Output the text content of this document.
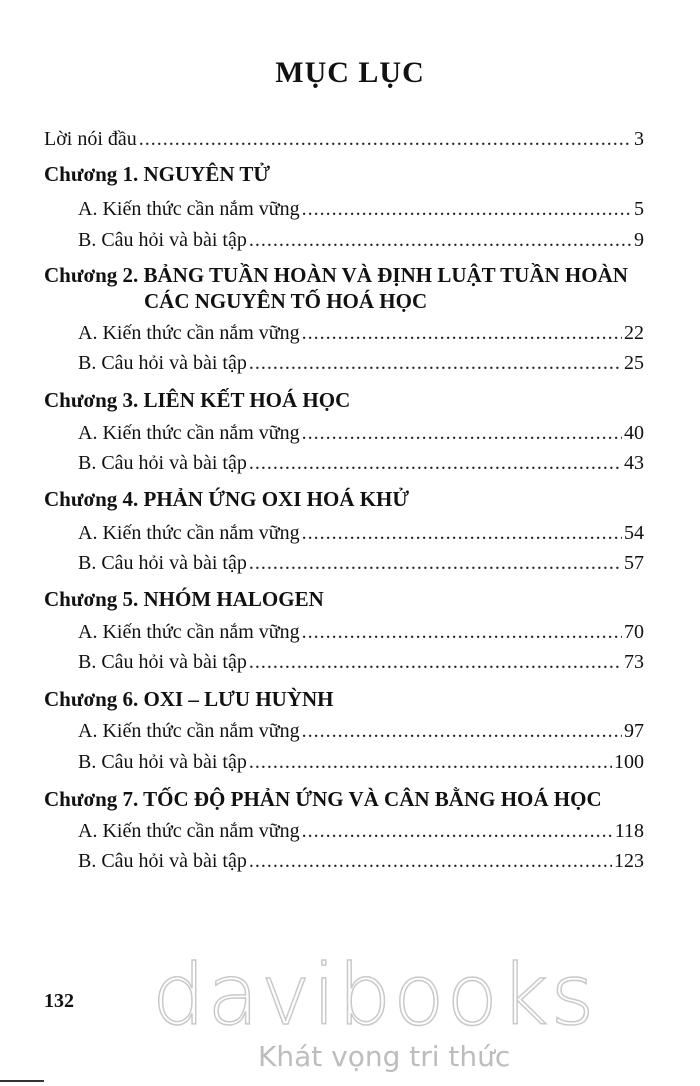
MỤC LỤC
Lời nói đầu .....	3
Chương 1. NGUYÊN TỬ
A. Kiến thức cần nắm vững .....	5
B. Câu hỏi và bài tập .....	9
Chương 2. BẢNG TUẦN HOÀN VÀ ĐỊNH LUẬT TUẦN HOÀN
CÁC NGUYÊN TỐ HOÁ HỌC
A. Kiến thức cần nắm vững .....	22
B. Câu hỏi và bài tập .....	25
Chương 3. LIÊN KẾT HOÁ HỌC
A. Kiến thức cần nắm vững .....	40
B. Câu hỏi và bài tập .....	43
Chương 4. PHẢN ỨNG OXI HOÁ KHỬ
A. Kiến thức cần nắm vững .....	54
B. Câu hỏi và bài tập .....	57
Chương 5. NHÓM HALOGEN
A. Kiến thức cần nắm vững .....	70
B. Câu hỏi và bài tập .....	73
Chương 6. OXI – LƯU HUỲNH
A. Kiến thức cần nắm vững .....	97
B. Câu hỏi và bài tập .....	100
Chương 7. TỐC ĐỘ PHẢN ỨNG VÀ CÂN BẰNG HOÁ HỌC
A. Kiến thức cần nắm vững .....	118
B. Câu hỏi và bài tập .....	123
132 davibooks
Khát vọng tri thức
